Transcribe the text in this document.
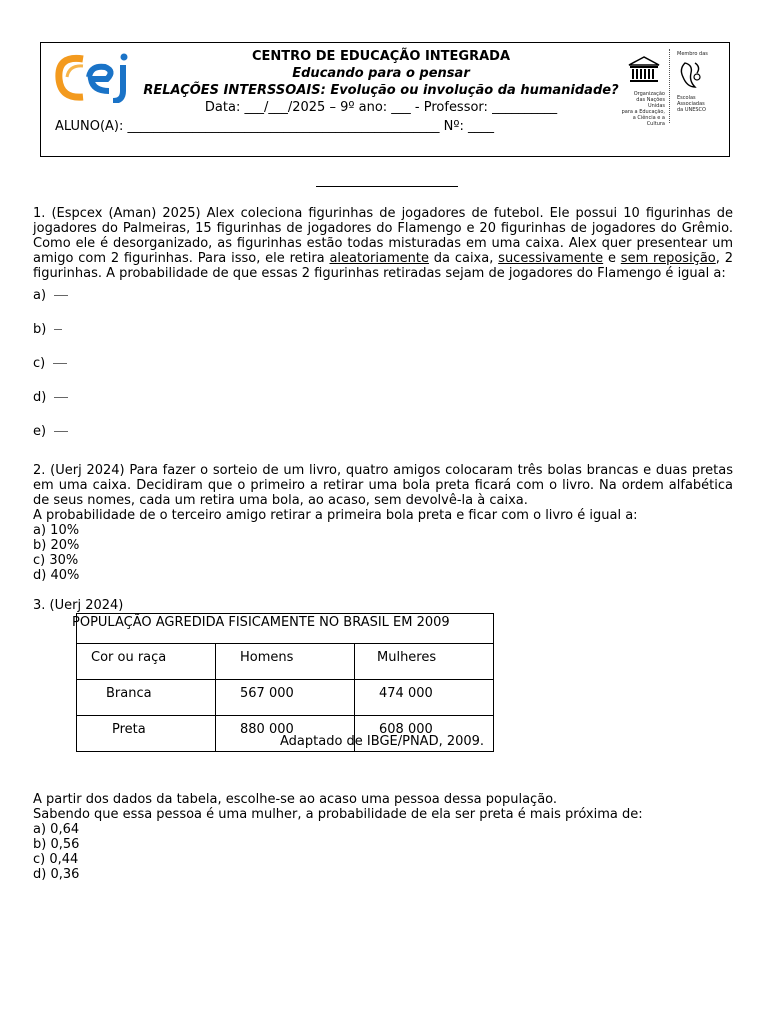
cei
CENTRO DE EDUCAÇÃO INTEGRADA
Educando para o pensar
RELAÇÕES INTERSSOAIS: Evolução ou involução da humanidade?
Data: ___/___/2025 – 9º ano: ___ - Professor: __________
ALUNO(A): ________________________________________________ Nº: ____
Organização
das Nações Unidas
para a Educação,
a Ciência e a Cultura
Membro das
Escolas
Associadas
da UNESCO
1. (Espcex (Aman) 2025) Alex coleciona figurinhas de jogadores de futebol. Ele possui 10 figurinhas de jogadores do Palmeiras, 15 figurinhas de jogadores do Flamengo e 20 figurinhas de jogadores do Grêmio. Como ele é desorganizado, as figurinhas estão todas misturadas em uma caixa. Alex quer presentear um amigo com 2 figurinhas. Para isso, ele retira aleatoriamente da caixa, sucessivamente e sem reposição, 2 figurinhas. A probabilidade de que essas 2 figurinhas retiradas sejam de jogadores do Flamengo é igual a:
a)
b)
c)
d)
e)
2. (Uerj 2024) Para fazer o sorteio de um livro, quatro amigos colocaram três bolas brancas e duas pretas em uma caixa. Decidiram que o primeiro a retirar uma bola preta ficará com o livro. Na ordem alfabética de seus nomes, cada um retira uma bola, ao acaso, sem devolvê-la à caixa.
A probabilidade de o terceiro amigo retirar a primeira bola preta e ficar com o livro é igual a:
a) 10%
b) 20%
c) 30%
d) 40%
3. (Uerj 2024)
POPULAÇÃO AGREDIDA FISICAMENTE NO BRASIL EM 2009		

Cor ou raça	Homens	Mulheres
Branca	567 000	474 000
Preta	880 000	608 000
Adaptado de IBGE/PNAD, 2009.
A partir dos dados da tabela, escolhe-se ao acaso uma pessoa dessa população.
Sabendo que essa pessoa é uma mulher, a probabilidade de ela ser preta é mais próxima de:
a) 0,64
b) 0,56
c) 0,44
d) 0,36
